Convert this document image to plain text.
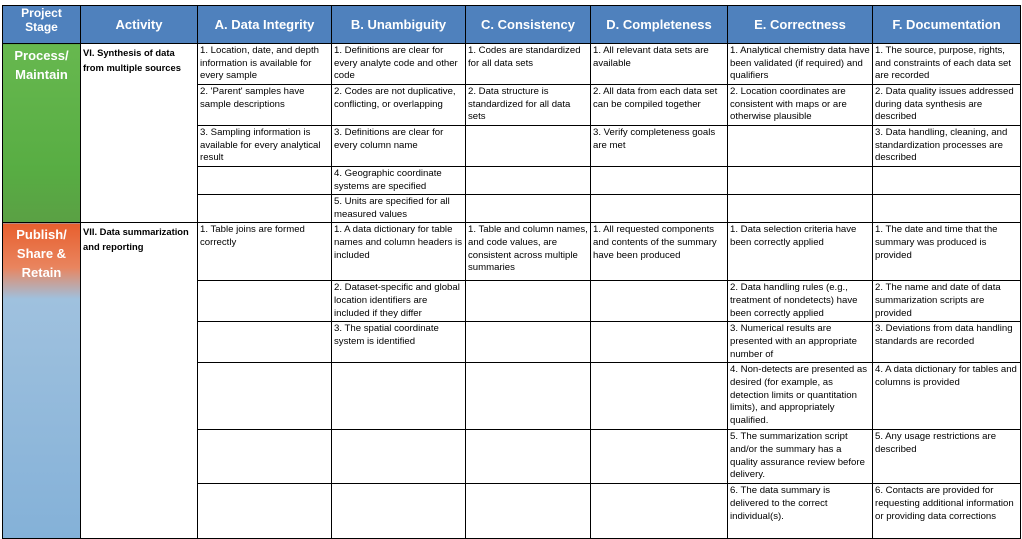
Project Stage	Activity	A. Data Integrity	B. Unambiguity	C. Consistency	D. Completeness	E. Correctness	F. Documentation
Process/ Maintain	VI. Synthesis of data from multiple sources	1. Location, date, and depth information is available for every sample	1. Definitions are clear for every analyte code and other code	1. Codes are standardized for all data sets	1. All relevant data sets are available	1. Analytical chemistry data have been validated (if required) and qualifiers	1. The source, purpose, rights, and constraints of each data set are recorded
		2. 'Parent' samples have sample descriptions	2. Codes are not duplicative, conflicting, or overlapping	2. Data structure is standardized for all data sets	2. All data from each data set can be compiled together	2. Location coordinates are consistent with maps or are otherwise plausible	2. Data quality issues addressed during data synthesis are described
		3. Sampling information is available for every analytical result	3. Definitions are clear for every column name		3. Verify completeness goals are met		3. Data handling, cleaning, and standardization processes are described
			4. Geographic coordinate systems are specified				
			5. Units are specified for all measured values				
Publish/ Share & Retain	VII. Data summarization and reporting	1. Table joins are formed correctly	1. A data dictionary for table names and column headers is included	1. Table and column names, and code values, are consistent across multiple summaries	1. All requested components and contents of the summary have been produced	1. Data selection criteria have been correctly applied	1. The date and time that the summary was produced is provided
			2. Dataset-specific and global location identifiers are included if they differ			2. Data handling rules (e.g., treatment of nondetects) have been correctly applied	2. The name and date of data summarization scripts are provided
			3. The spatial coordinate system is identified			3. Numerical results are presented with an appropriate number of	3. Deviations from data handling standards are recorded
						4. Non-detects are presented as desired (for example, as detection limits or quantitation limits), and appropriately qualified.	4. A data dictionary for tables and columns is provided
						5. The summarization script and/or the summary has a quality assurance review before delivery.	5. Any usage restrictions are described
						6. The data summary is delivered to the correct individual(s).	6. Contacts are provided for requesting additional information or providing data corrections
